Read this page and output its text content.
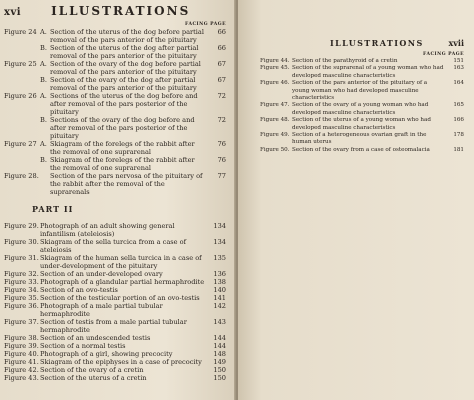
xvi	ILLUSTRATIONS
FACING PAGE
Figure 24 A. Section of the uterus of the dog before partial removal of the pars anterior of the pituitary
66
B. Section of the uterus of the dog after partial removal of the pars anterior of the pituitary
66
Figure 25 A. Section of the ovary of the dog before partial removal of the pars anterior of the pituitary
67
B. Section of the ovary of the dog after partial removal of the pars anterior of the pituitary
67
Figure 26 A. Sections of the uterus of the dog before and after removal of the pars posterior of the pituitary
72
B. Sections of the ovary of the dog before and after removal of the pars posterior of the pituitary
72
Figure 27 A. Skiagram of the forelegs of the rabbit after the removal of one suprarenal
76
B. Skiagram of the forelegs of the rabbit after the removal of one suprarenal
76
Figure 28. Section of the pars nervosa of the pituitary of the rabbit after the removal of the suprarenals
77
PART II
Figure 29. Photograph of an adult showing general infantilism (ateleiosis)
134
Figure 30. Skiagram of the sella turcica from a case of ateleiosis
134
Figure 31. Skiagram of the human sella turcica in a case of under-development of the pituitary
135
Figure 32. Section of an under-developed ovary	136
Figure 33. Photograph of a glandular partial hermaphrodite	138
Figure 34. Section of an ovo-testis	140
Figure 35. Section of the testicular portion of an ovo-testis	141
Figure 36. Photograph of a male partial tubular hermaphrodite
142
Figure 37. Section of testis from a male partial tubular hermaphrodite
143
Figure 38. Section of an undescended testis	144
Figure 39. Section of a normal testis	144
Figure 40. Photograph of a girl, showing precocity	148
Figure 41. Skiagram of the epiphyses in a case of precocity	149
Figure 42. Section of the ovary of a cretin	150
Figure 43. Section of the uterus of a cretin	150
ILLUSTRATIONS	xvii
FACING PAGE
Figure 44. Section of the parathyroid of a cretin	151
Figure 45. Section of the suprarenal of a young woman who had developed masculine characteristics
163
Figure 46. Section of the pars anterior of the pituitary of a young woman who had developed masculine characteristics
164
Figure 47. Section of the ovary of a young woman who had developed masculine characteristics
165
Figure 48. Section of the uterus of a young woman who had developed masculine characteristics
166
Figure 49. Section of a heterogeneous ovarian graft in the human uterus
178
Figure 50. Section of the ovary from a case of osteomalacia	181
